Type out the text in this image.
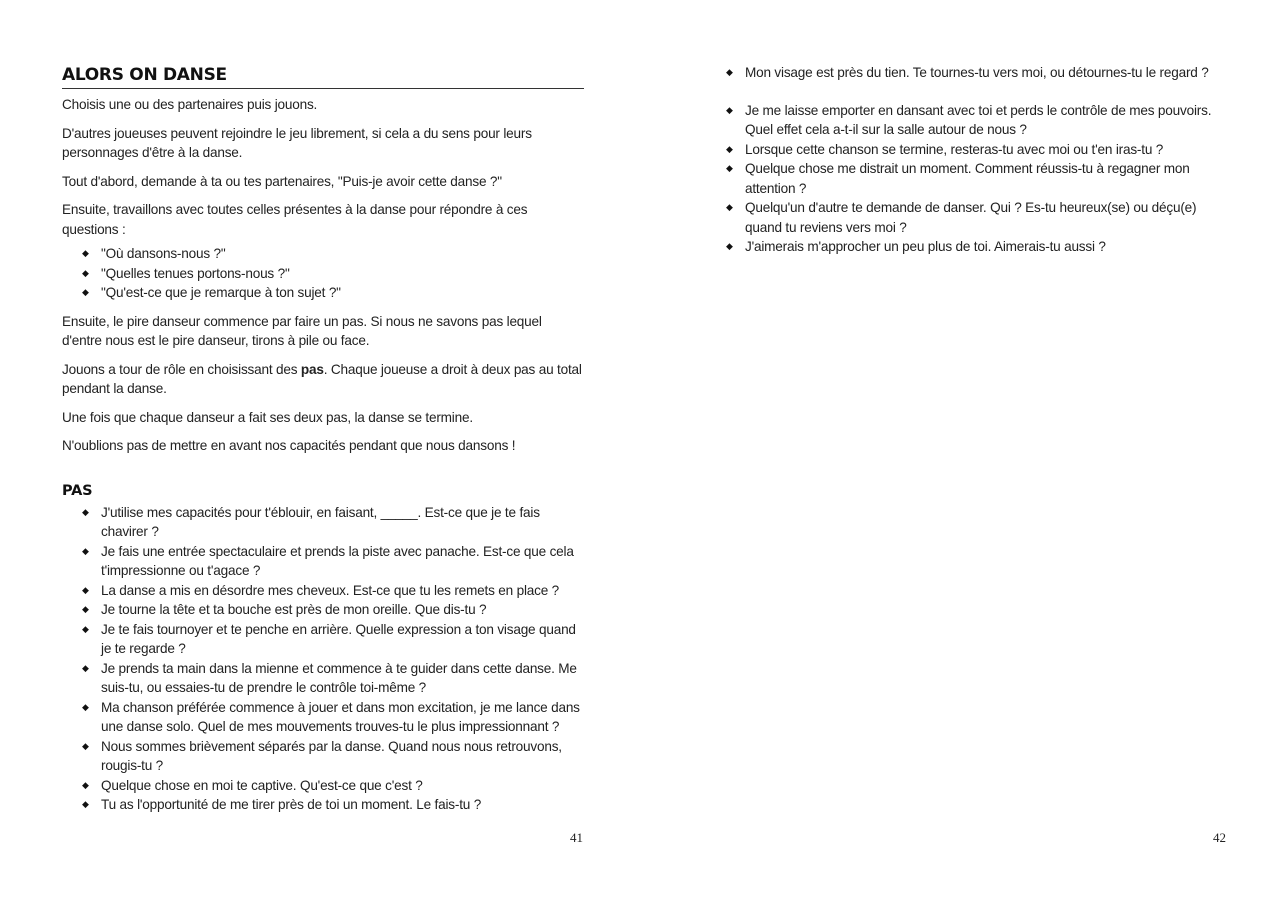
ALORS ON DANSE

Choisis une ou des partenaires puis jouons.

D'autres joueuses peuvent rejoindre le jeu librement, si cela a du sens pour leurs personnages d'être à la danse.

Tout d'abord, demande à ta ou tes partenaires, "Puis-je avoir cette danse ?"

Ensuite, travaillons avec toutes celles présentes à la danse pour répondre à ces questions :

◆ "Où dansons-nous ?"
◆ "Quelles tenues portons-nous ?"
◆ "Qu'est-ce que je remarque à ton sujet ?"

Ensuite, le pire danseur commence par faire un pas. Si nous ne savons pas lequel d'entre nous est le pire danseur, tirons à pile ou face.

Jouons a tour de rôle en choisissant des pas. Chaque joueuse a droit à deux pas au total pendant la danse.

Une fois que chaque danseur a fait ses deux pas, la danse se termine.

N'oublions pas de mettre en avant nos capacités pendant que nous dansons !

PAS
◆ J'utilise mes capacités pour t'éblouir, en faisant, _____. Est-ce que je te fais chavirer ?
◆ Je fais une entrée spectaculaire et prends la piste avec panache. Est-ce que cela t'impressionne ou t'agace ?
◆ La danse a mis en désordre mes cheveux. Est-ce que tu les remets en place ?
◆ Je tourne la tête et ta bouche est près de mon oreille. Que dis-tu ?
◆ Je te fais tournoyer et te penche en arrière. Quelle expression a ton visage quand je te regarde ?
◆ Je prends ta main dans la mienne et commence à te guider dans cette danse. Me suis-tu, ou essaies-tu de prendre le contrôle toi-même ?
◆ Ma chanson préférée commence à jouer et dans mon excitation, je me lance dans une danse solo. Quel de mes mouvements trouves-tu le plus impressionnant ?
◆ Nous sommes brièvement séparés par la danse. Quand nous nous retrouvons, rougis-tu ?
◆ Quelque chose en moi te captive. Qu'est-ce que c'est ?
◆ Tu as l'opportunité de me tirer près de toi un moment. Le fais-tu ?
41
◆ Mon visage est près du tien. Te tournes-tu vers moi, ou détournes-tu le regard ?
◆ Je me laisse emporter en dansant avec toi et perds le contrôle de mes pouvoirs. Quel effet cela a-t-il sur la salle autour de nous ?
◆ Lorsque cette chanson se termine, resteras-tu avec moi ou t'en iras-tu ?
◆ Quelque chose me distrait un moment. Comment réussis-tu à regagner mon attention ?
◆ Quelqu'un d'autre te demande de danser. Qui ? Es-tu heureux(se) ou déçu(e) quand tu reviens vers moi ?
◆ J'aimerais m'approcher un peu plus de toi. Aimerais-tu aussi ?
42
